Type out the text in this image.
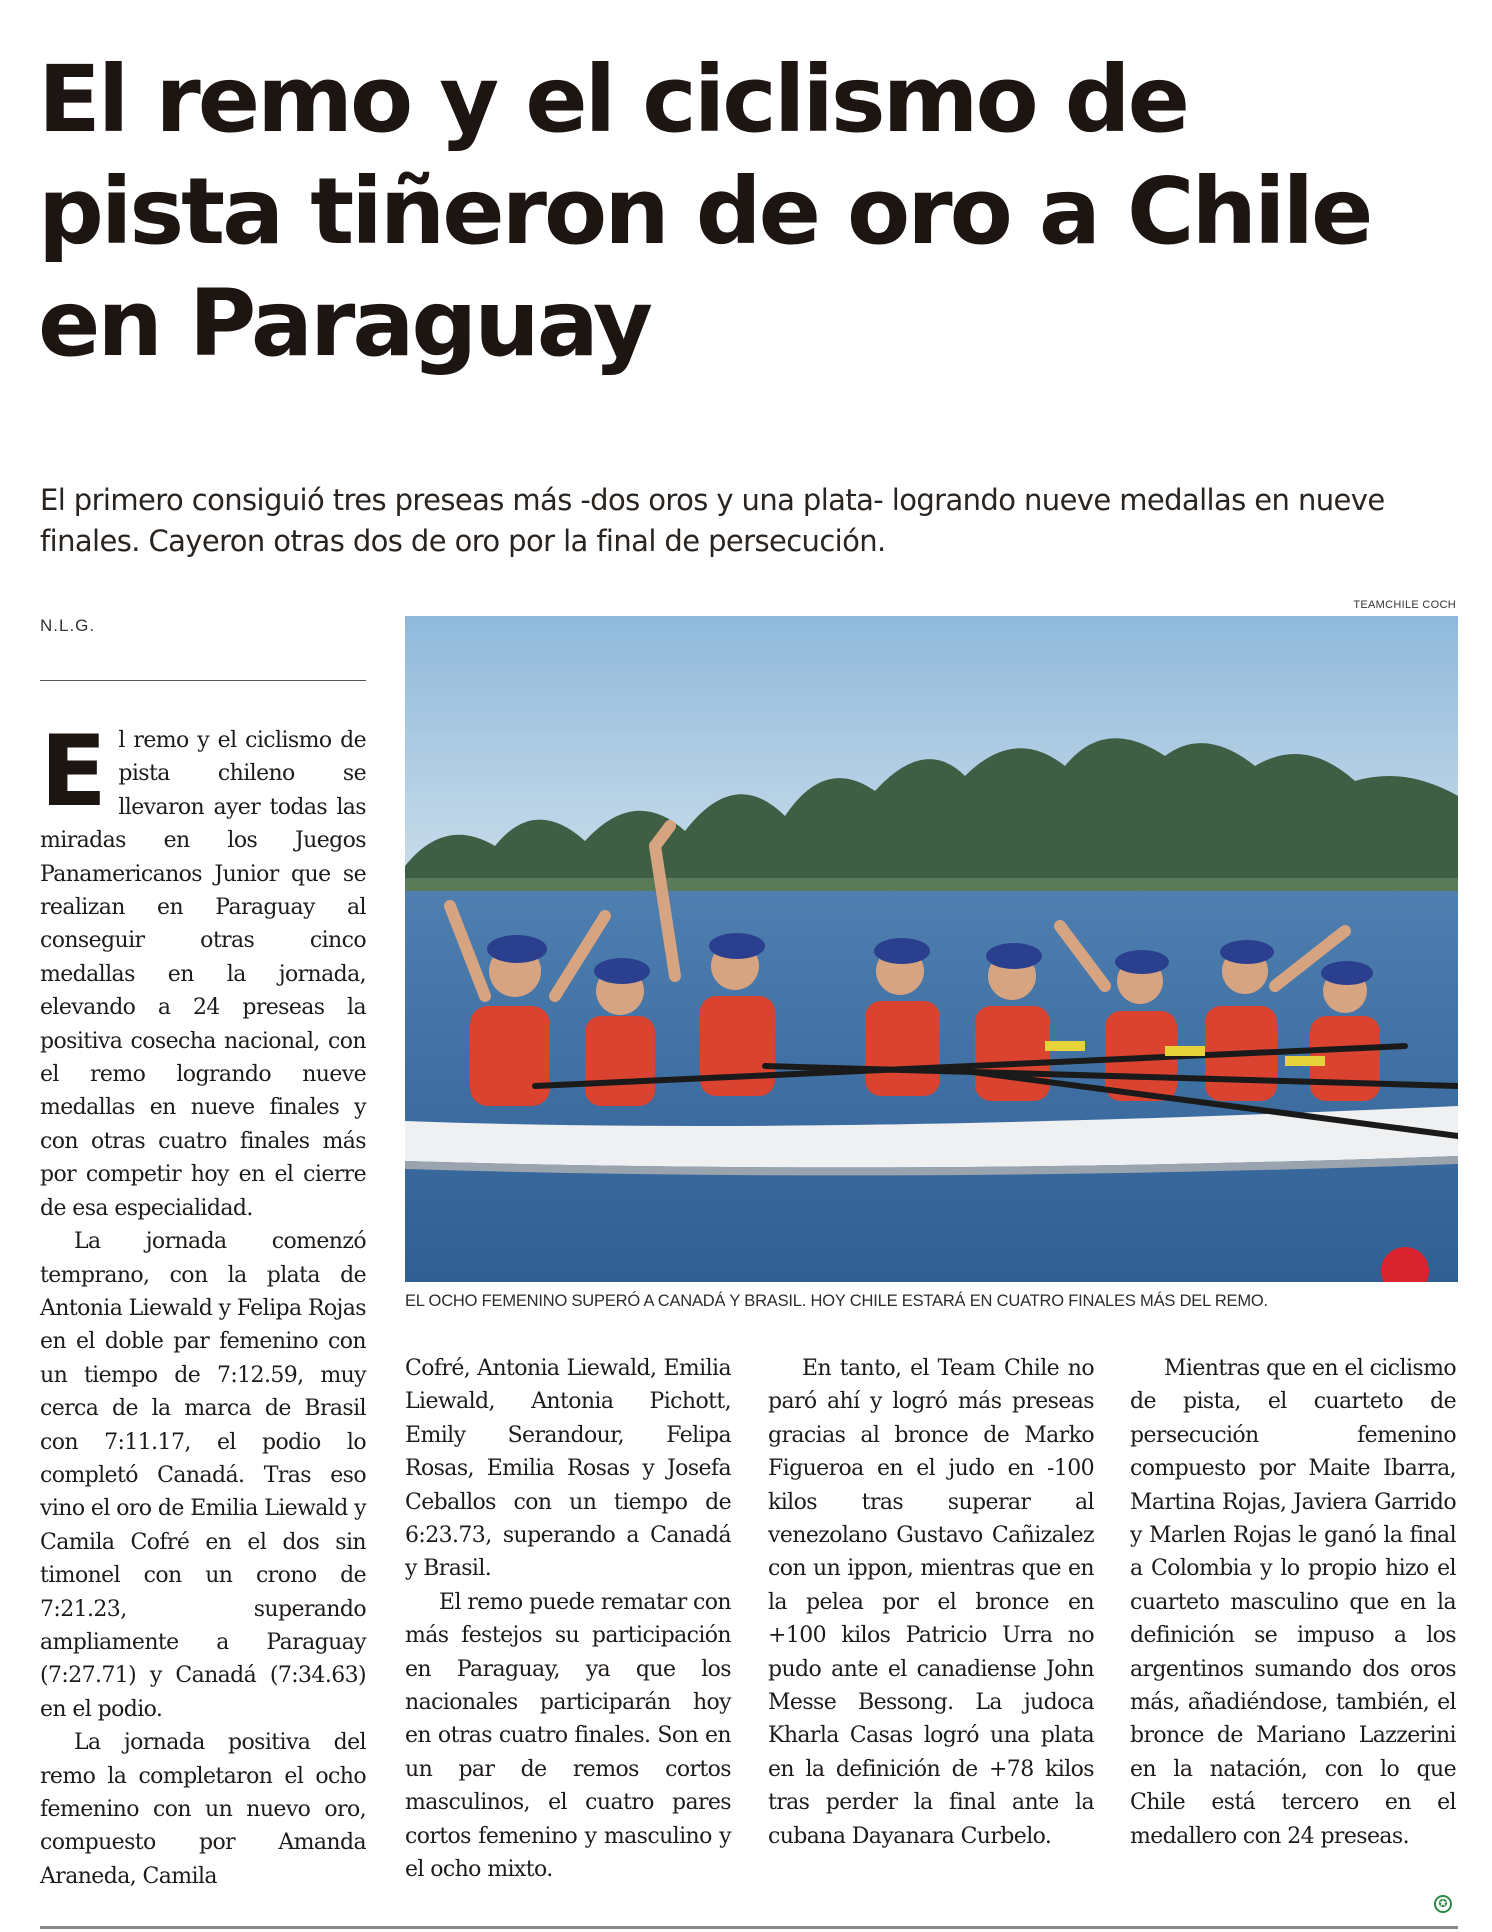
El remo y el ciclismo de pista tiñeron de oro a Chile en Paraguay

El primero consiguió tres preseas más -dos oros y una plata- logrando nueve medallas en nueve finales. Cayeron otras dos de oro por la final de persecución.

N.L.G.
TEAMCHILE COCH
EL OCHO FEMENINO SUPERÓ A CANADÁ Y BRASIL. HOY CHILE ESTARÁ EN CUATRO FINALES MÁS DEL REMO.

El remo y el ciclismo de pista chileno se llevaron ayer todas las miradas en los Juegos Panamericanos Junior que se realizan en Paraguay al conseguir otras cinco medallas en la jornada, elevando a 24 preseas la positiva cosecha nacional, con el remo logrando nueve medallas en nueve finales y con otras cuatro finales más por competir hoy en el cierre de esa especialidad.

La jornada comenzó temprano, con la plata de Antonia Liewald y Felipa Rojas en el doble par femenino con un tiempo de 7:12.59, muy cerca de la marca de Brasil con 7:11.17, el podio lo completó Canadá. Tras eso vino el oro de Emilia Liewald y Camila Cofré en el dos sin timonel con un crono de 7:21.23, superando ampliamente a Paraguay (7:27.71) y Canadá (7:34.63) en el podio.

La jornada positiva del remo la completaron el ocho femenino con un nuevo oro, compuesto por Amanda Araneda, Camila

Cofré, Antonia Liewald, Emilia Liewald, Antonia Pichott, Emily Serandour, Felipa Rosas, Emilia Rosas y Josefa Ceballos con un tiempo de 6:23.73, superando a Canadá y Brasil.

El remo puede rematar con más festejos su participación en Paraguay, ya que los nacionales participarán hoy en otras cuatro finales. Son en un par de remos cortos masculinos, el cuatro pares cortos femenino y masculino y el ocho mixto.

En tanto, el Team Chile no paró ahí y logró más preseas gracias al bronce de Marko Figueroa en el judo en -100 kilos tras superar al venezolano Gustavo Cañizalez con un ippon, mientras que en la pelea por el bronce en +100 kilos Patricio Urra no pudo ante el canadiense John Messe Bessong. La judoca Kharla Casas logró una plata en la definición de +78 kilos tras perder la final ante la cubana Dayanara Curbelo.

Mientras que en el ciclismo de pista, el cuarteto de persecución femenino compuesto por Maite Ibarra, Martina Rojas, Javiera Garrido y Marlen Rojas le ganó la final a Colombia y lo propio hizo el cuarteto masculino que en la definición se impuso a los argentinos sumando dos oros más, añadiéndose, también, el bronce de Mariano Lazzerini en la natación, con lo que Chile está tercero en el medallero con 24 preseas.

✪
